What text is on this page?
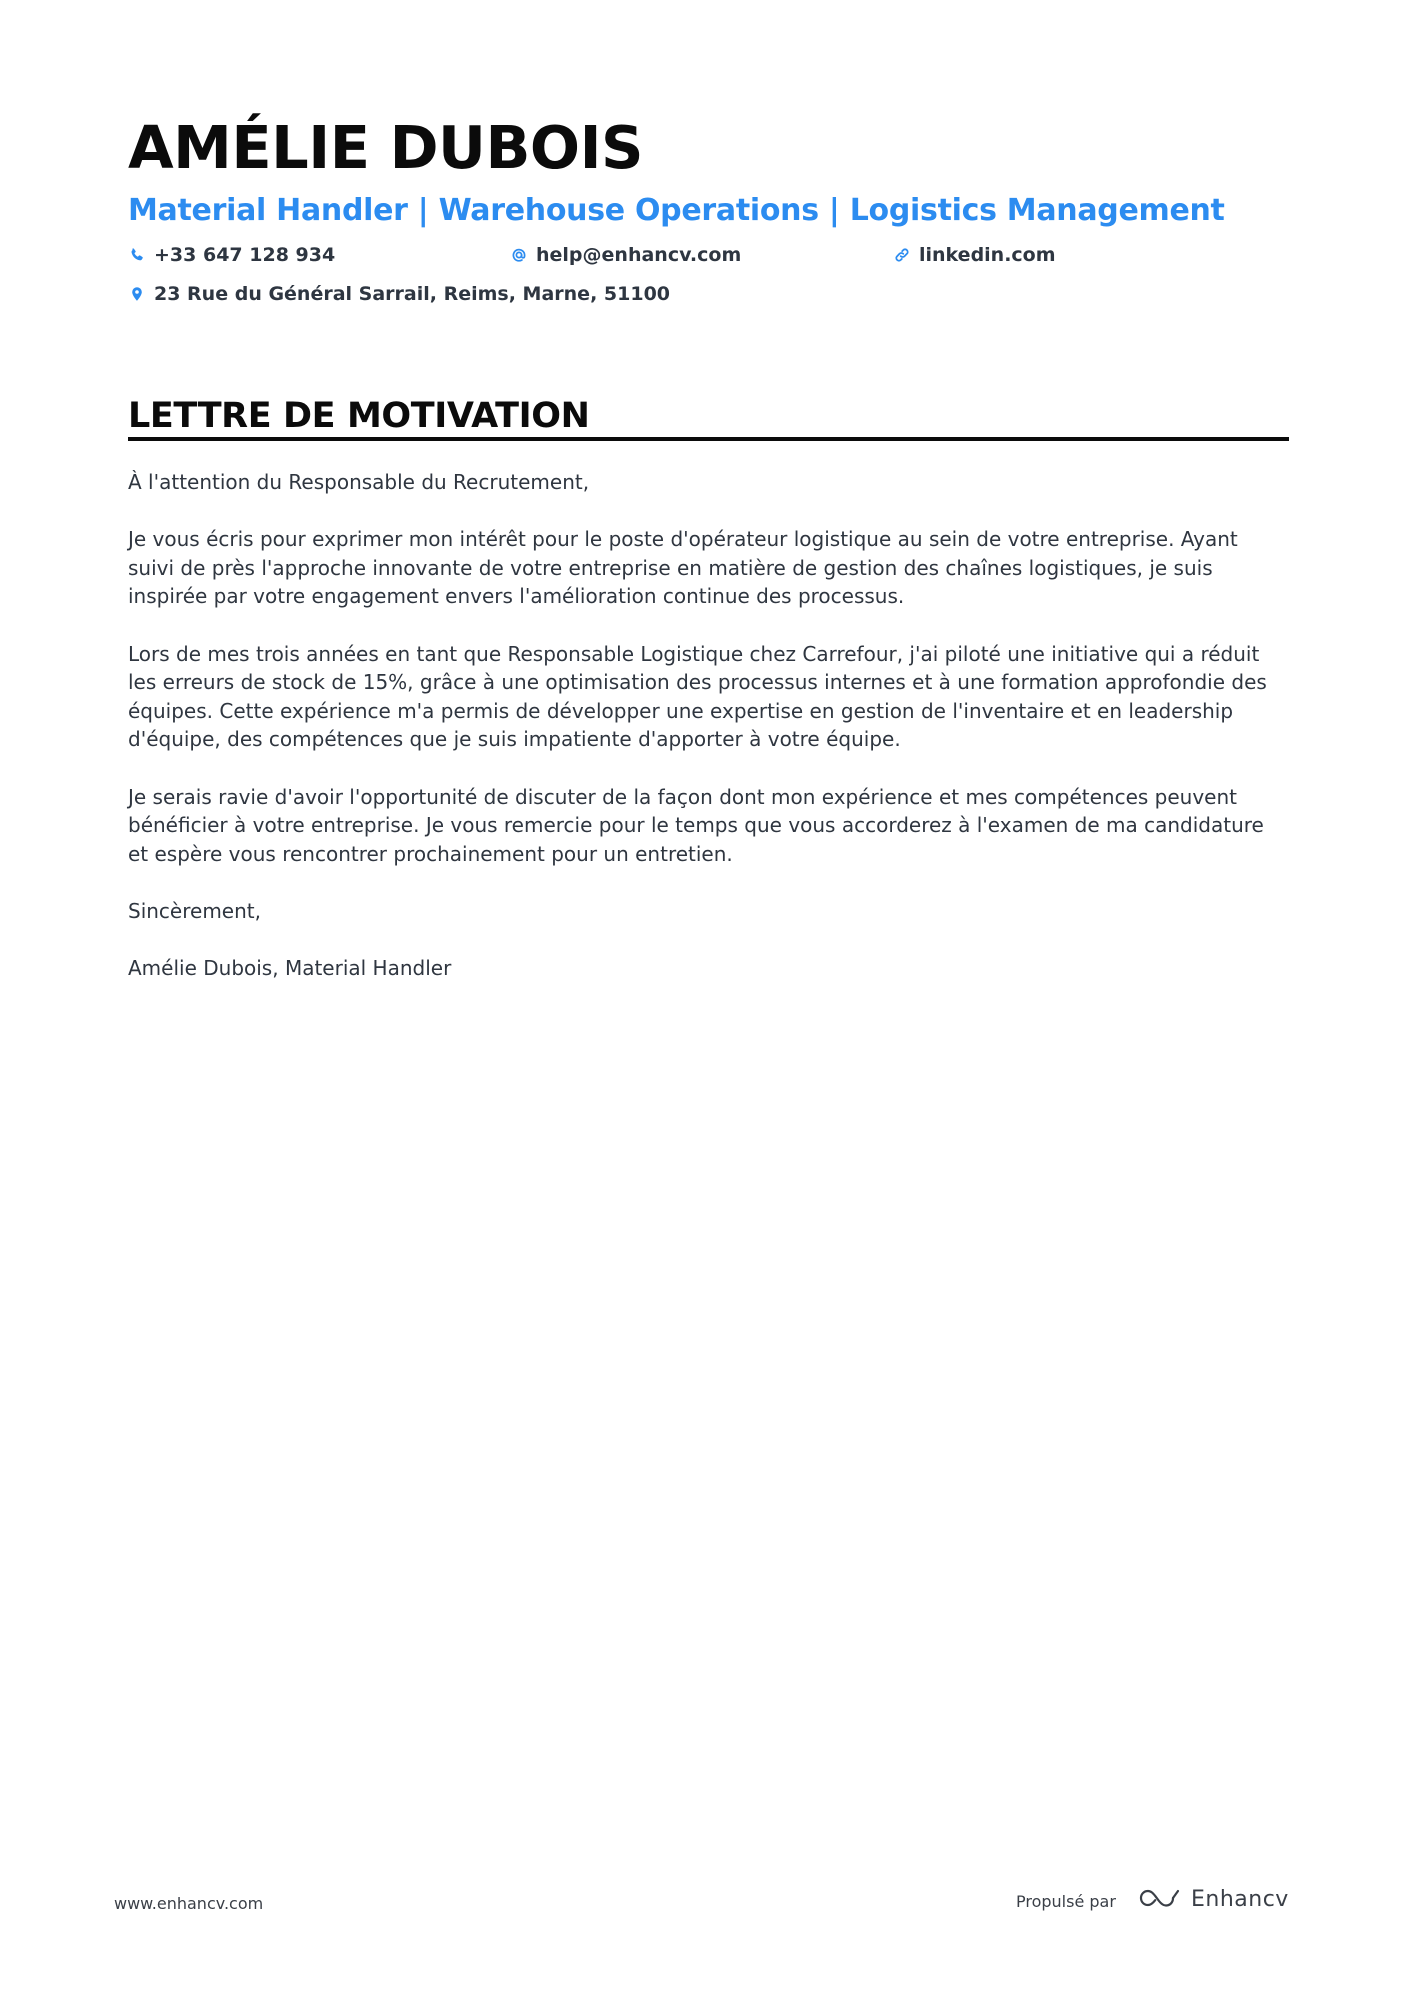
AMÉLIE DUBOIS
Material Handler | Warehouse Operations | Logistics Management
+33 647 128 934	help@enhancv.com	linkedin.com
23 Rue du Général Sarrail, Reims, Marne, 51100
LETTRE DE MOTIVATION

À l'attention du Responsable du Recrutement,

Je vous écris pour exprimer mon intérêt pour le poste d'opérateur logistique au sein de votre entreprise. Ayant suivi de près l'approche innovante de votre entreprise en matière de gestion des chaînes logistiques, je suis inspirée par votre engagement envers l'amélioration continue des processus.

Lors de mes trois années en tant que Responsable Logistique chez Carrefour, j'ai piloté une initiative qui a réduit les erreurs de stock de 15%, grâce à une optimisation des processus internes et à une formation approfondie des équipes. Cette expérience m'a permis de développer une expertise en gestion de l'inventaire et en leadership d'équipe, des compétences que je suis impatiente d'apporter à votre équipe.

Je serais ravie d'avoir l'opportunité de discuter de la façon dont mon expérience et mes compétences peuvent bénéficier à votre entreprise. Je vous remercie pour le temps que vous accorderez à l'examen de ma candidature et espère vous rencontrer prochainement pour un entretien.

Sincèrement,

Amélie Dubois, Material Handler

www.enhancv.com	Propulsé par	Enhancv
